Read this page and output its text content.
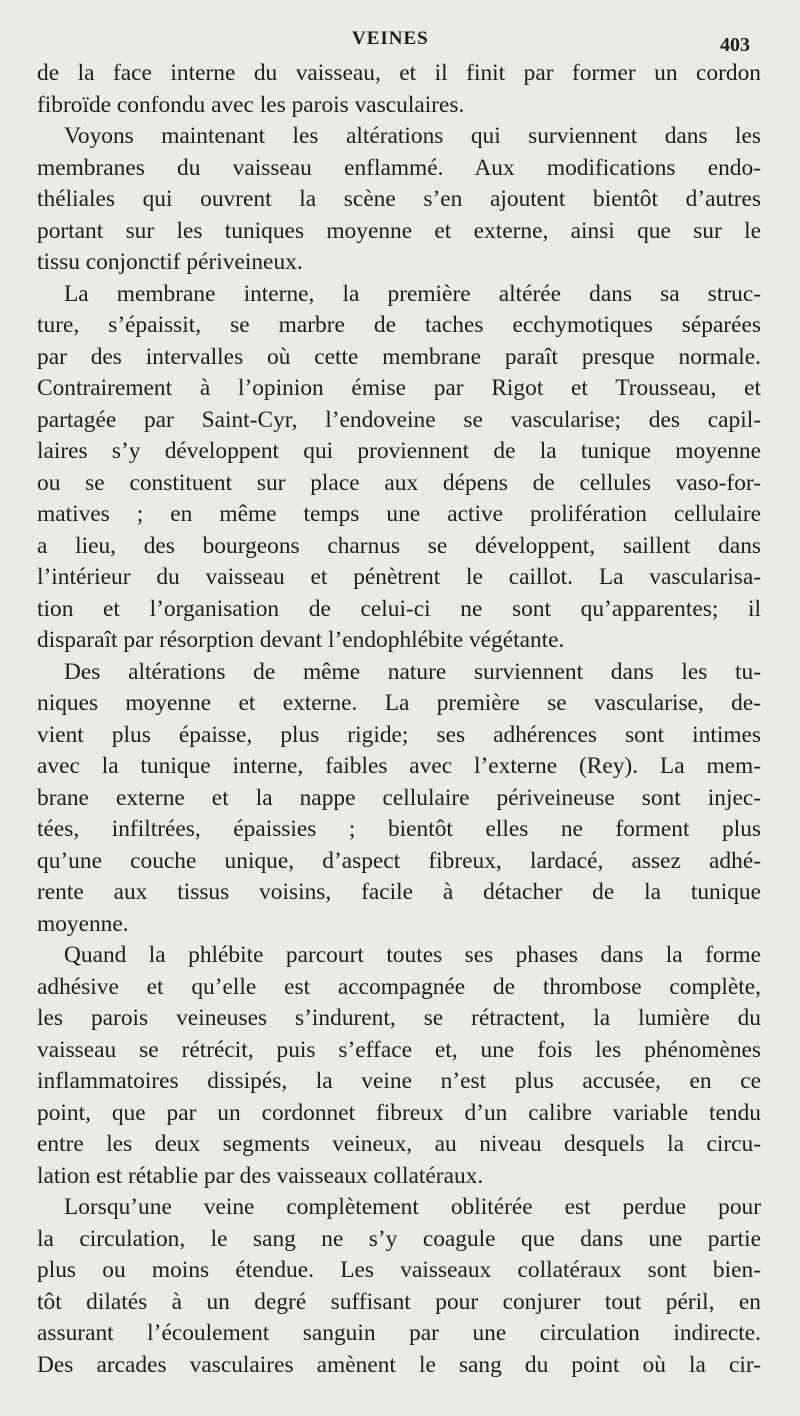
VEINES	403

de la face interne du vaisseau, et il finit par former un cordon

fibroïde confondu avec les parois vasculaires.

Voyons maintenant les altérations qui surviennent dans les

membranes du vaisseau enflammé. Aux modifications endo-

théliales qui ouvrent la scène s’en ajoutent bientôt d’autres

portant sur les tuniques moyenne et externe, ainsi que sur le

tissu conjonctif périveineux.

La membrane interne, la première altérée dans sa struc-

ture, s’épaissit, se marbre de taches ecchymotiques séparées

par des intervalles où cette membrane paraît presque normale.

Contrairement à l’opinion émise par Rigot et Trousseau, et

partagée par Saint-Cyr, l’endoveine se vascularise; des capil-

laires s’y développent qui proviennent de la tunique moyenne

ou se constituent sur place aux dépens de cellules vaso-for-

matives ; en même temps une active prolifération cellulaire

a lieu, des bourgeons charnus se développent, saillent dans

l’intérieur du vaisseau et pénètrent le caillot. La vascularisa-

tion et l’organisation de celui-ci ne sont qu’apparentes; il

disparaît par résorption devant l’endophlébite végétante.

Des altérations de même nature surviennent dans les tu-

niques moyenne et externe. La première se vascularise, de-

vient plus épaisse, plus rigide; ses adhérences sont intimes

avec la tunique interne, faibles avec l’externe (Rey). La mem-

brane externe et la nappe cellulaire périveineuse sont injec-

tées, infiltrées, épaissies ; bientôt elles ne forment plus

qu’une couche unique, d’aspect fibreux, lardacé, assez adhé-

rente aux tissus voisins, facile à détacher de la tunique

moyenne.

Quand la phlébite parcourt toutes ses phases dans la forme

adhésive et qu’elle est accompagnée de thrombose complète,

les parois veineuses s’indurent, se rétractent, la lumière du

vaisseau se rétrécit, puis s’efface et, une fois les phénomènes

inflammatoires dissipés, la veine n’est plus accusée, en ce

point, que par un cordonnet fibreux d’un calibre variable tendu

entre les deux segments veineux, au niveau desquels la circu-

lation est rétablie par des vaisseaux collatéraux.

Lorsqu’une veine complètement oblitérée est perdue pour

la circulation, le sang ne s’y coagule que dans une partie

plus ou moins étendue. Les vaisseaux collatéraux sont bien-

tôt dilatés à un degré suffisant pour conjurer tout péril, en

assurant l’écoulement sanguin par une circulation indirecte.

Des arcades vasculaires amènent le sang du point où la cir-
